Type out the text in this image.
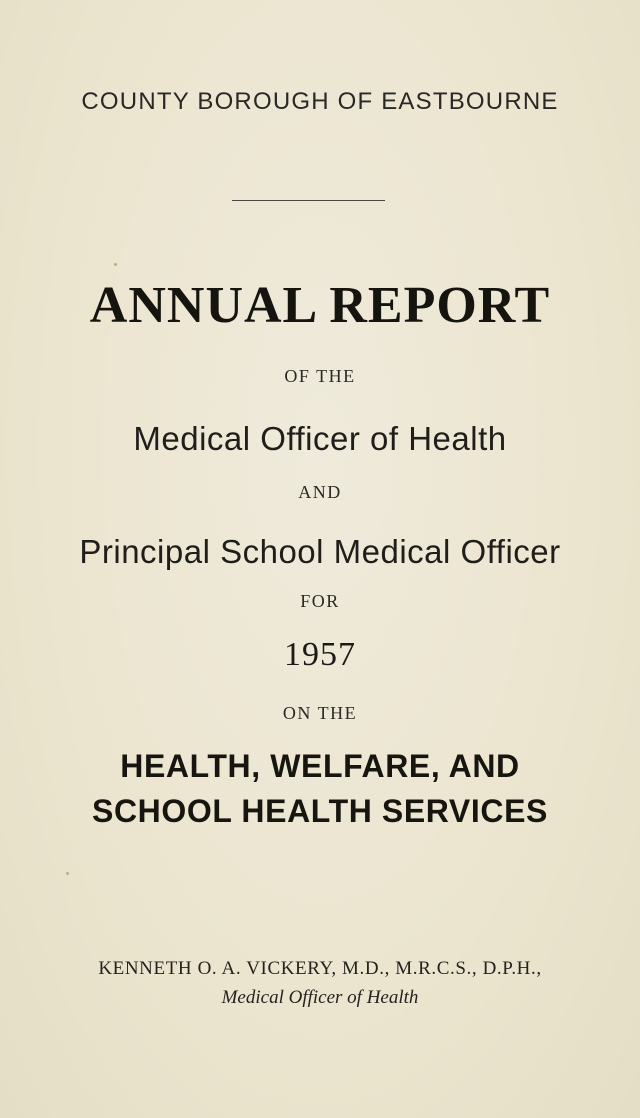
COUNTY BOROUGH OF EASTBOURNE
ANNUAL REPORT
OF THE
Medical Officer of Health
AND
Principal School Medical Officer
FOR
1957
ON THE
HEALTH, WELFARE, AND
SCHOOL HEALTH SERVICES
KENNETH O. A. VICKERY, M.D., M.R.C.S., D.P.H.,
Medical Officer of Health
